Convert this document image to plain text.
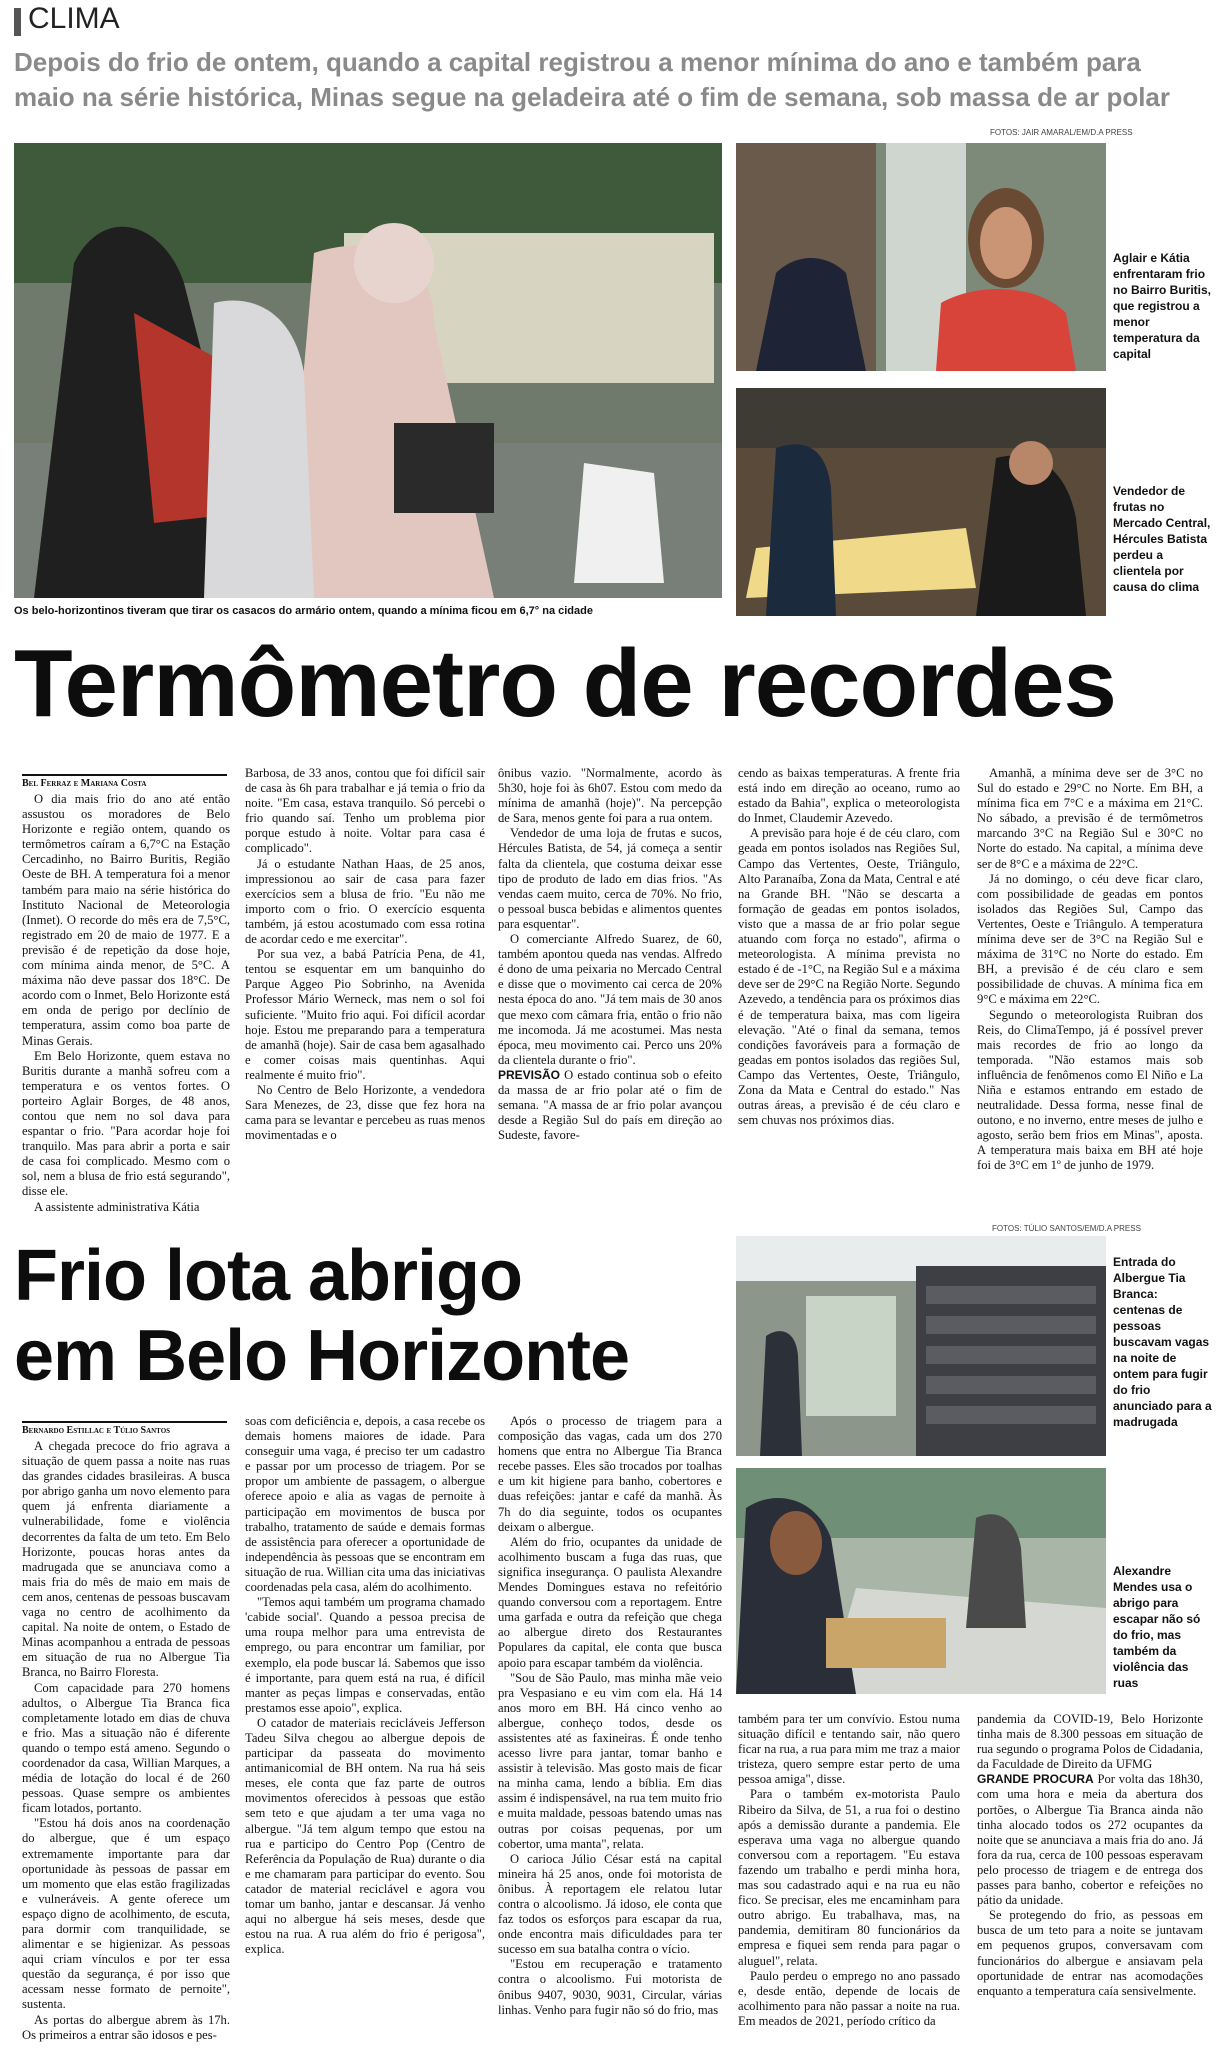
CLIMA
Depois do frio de ontem, quando a capital registrou a menor mínima do ano e também para maio na série histórica, Minas segue na geladeira até o fim de semana, sob massa de ar polar
FOTOS: JAIR AMARAL/EM/D.A PRESS
Os belo-horizontinos tiveram que tirar os casacos do armário ontem, quando a mínima ficou em 6,7° na cidade
Aglair e Kátia enfrentaram frio no Bairro Buritis, que registrou a menor temperatura da capital
Vendedor de frutas no Mercado Central, Hércules Batista perdeu a clientela por causa do clima
Termômetro de recordes
Bel Ferraz e Mariana Costa

O dia mais frio do ano até então assustou os moradores de Belo Horizonte e região ontem, quando os termômetros caíram a 6,7°C na Estação Cercadinho, no Bairro Buritis, Região Oeste de BH. A temperatura foi a menor também para maio na série histórica do Instituto Nacional de Meteorologia (Inmet). O recorde do mês era de 7,5°C, registrado em 20 de maio de 1977. E a previsão é de repetição da dose hoje, com mínima ainda menor, de 5°C. A máxima não deve passar dos 18°C. De acordo com o Inmet, Belo Horizonte está em onda de perigo por declínio de temperatura, assim como boa parte de Minas Gerais.

Em Belo Horizonte, quem estava no Buritis durante a manhã sofreu com a temperatura e os ventos fortes. O porteiro Aglair Borges, de 48 anos, contou que nem no sol dava para espantar o frio. "Para acordar hoje foi tranquilo. Mas para abrir a porta e sair de casa foi complicado. Mesmo com o sol, nem a blusa de frio está segurando", disse ele.

A assistente administrativa Kátia

Barbosa, de 33 anos, contou que foi difícil sair de casa às 6h para trabalhar e já temia o frio da noite. "Em casa, estava tranquilo. Só percebi o frio quando saí. Tenho um problema pior porque estudo à noite. Voltar para casa é complicado".

Já o estudante Nathan Haas, de 25 anos, impressionou ao sair de casa para fazer exercícios sem a blusa de frio. "Eu não me importo com o frio. O exercício esquenta também, já estou acostumado com essa rotina de acordar cedo e me exercitar".

Por sua vez, a babá Patrícia Pena, de 41, tentou se esquentar em um banquinho do Parque Aggeo Pio Sobrinho, na Avenida Professor Mário Werneck, mas nem o sol foi suficiente. "Muito frio aqui. Foi difícil acordar hoje. Estou me preparando para a temperatura de amanhã (hoje). Sair de casa bem agasalhado e comer coisas mais quentinhas. Aqui realmente é muito frio".

No Centro de Belo Horizonte, a vendedora Sara Menezes, de 23, disse que fez hora na cama para se levantar e percebeu as ruas menos movimentadas e o

ônibus vazio. "Normalmente, acordo às 5h30, hoje foi às 6h07. Estou com medo da mínima de amanhã (hoje)". Na percepção de Sara, menos gente foi para a rua ontem.

Vendedor de uma loja de frutas e sucos, Hércules Batista, de 54, já começa a sentir falta da clientela, que costuma deixar esse tipo de produto de lado em dias frios. "As vendas caem muito, cerca de 70%. No frio, o pessoal busca bebidas e alimentos quentes para esquentar".

O comerciante Alfredo Suarez, de 60, também apontou queda nas vendas. Alfredo é dono de uma peixaria no Mercado Central e disse que o movimento cai cerca de 20% nesta época do ano. "Já tem mais de 30 anos que mexo com câmara fria, então o frio não me incomoda. Já me acostumei. Mas nesta época, meu movimento cai. Perco uns 20% da clientela durante o frio".

PREVISÃO O estado continua sob o efeito da massa de ar frio polar até o fim de semana. "A massa de ar frio polar avançou desde a Região Sul do país em direção ao Sudeste, favore-

cendo as baixas temperaturas. A frente fria está indo em direção ao oceano, rumo ao estado da Bahia", explica o meteorologista do Inmet, Claudemir Azevedo.

A previsão para hoje é de céu claro, com geada em pontos isolados nas Regiões Sul, Campo das Vertentes, Oeste, Triângulo, Alto Paranaíba, Zona da Mata, Central e até na Grande BH. "Não se descarta a formação de geadas em pontos isolados, visto que a massa de ar frio polar segue atuando com força no estado", afirma o meteorologista. A mínima prevista no estado é de -1°C, na Região Sul e a máxima deve ser de 29°C na Região Norte. Segundo Azevedo, a tendência para os próximos dias é de temperatura baixa, mas com ligeira elevação. "Até o final da semana, temos condições favoráveis para a formação de geadas em pontos isolados das regiões Sul, Campo das Vertentes, Oeste, Triângulo, Zona da Mata e Central do estado." Nas outras áreas, a previsão é de céu claro e sem chuvas nos próximos dias.

Amanhã, a mínima deve ser de 3°C no Sul do estado e 29°C no Norte. Em BH, a mínima fica em 7°C e a máxima em 21°C. No sábado, a previsão é de termômetros marcando 3°C na Região Sul e 30°C no Norte do estado. Na capital, a mínima deve ser de 8°C e a máxima de 22°C.

Já no domingo, o céu deve ficar claro, com possibilidade de geadas em pontos isolados das Regiões Sul, Campo das Vertentes, Oeste e Triângulo. A temperatura mínima deve ser de 3°C na Região Sul e máxima de 31°C no Norte do estado. Em BH, a previsão é de céu claro e sem possibilidade de chuvas. A mínima fica em 9°C e máxima em 22°C.

Segundo o meteorologista Ruibran dos Reis, do ClimaTempo, já é possível prever mais recordes de frio ao longo da temporada. "Não estamos mais sob influência de fenômenos como El Niño e La Niña e estamos entrando em estado de neutralidade. Dessa forma, nesse final de outono, e no inverno, entre meses de julho e agosto, serão bem frios em Minas", aposta. A temperatura mais baixa em BH até hoje foi de 3°C em 1º de junho de 1979.

Frio lota abrigo
em Belo Horizonte
FOTOS: TÚLIO SANTOS/EM/D.A PRESS
Entrada do Albergue Tia Branca: centenas de pessoas buscavam vagas na noite de ontem para fugir do frio anunciado para a madrugada
Alexandre Mendes usa o abrigo para escapar não só do frio, mas também da violência das ruas
Bernardo Estillac e Túlio Santos

A chegada precoce do frio agrava a situação de quem passa a noite nas ruas das grandes cidades brasileiras. A busca por abrigo ganha um novo elemento para quem já enfrenta diariamente a vulnerabilidade, fome e violência decorrentes da falta de um teto. Em Belo Horizonte, poucas horas antes da madrugada que se anunciava como a mais fria do mês de maio em mais de cem anos, centenas de pessoas buscavam vaga no centro de acolhimento da capital. Na noite de ontem, o Estado de Minas acompanhou a entrada de pessoas em situação de rua no Albergue Tia Branca, no Bairro Floresta.

Com capacidade para 270 homens adultos, o Albergue Tia Branca fica completamente lotado em dias de chuva e frio. Mas a situação não é diferente quando o tempo está ameno. Segundo o coordenador da casa, Willian Marques, a média de lotação do local é de 260 pessoas. Quase sempre os ambientes ficam lotados, portanto.

"Estou há dois anos na coordenação do albergue, que é um espaço extremamente importante para dar oportunidade às pessoas de passar em um momento que elas estão fragilizadas e vulneráveis. A gente oferece um espaço digno de acolhimento, de escuta, para dormir com tranquilidade, se alimentar e se higienizar. As pessoas aqui criam vínculos e por ter essa questão da segurança, é por isso que acessam nesse formato de pernoite", sustenta.

As portas do albergue abrem às 17h. Os primeiros a entrar são idosos e pes-

soas com deficiência e, depois, a casa recebe os demais homens maiores de idade. Para conseguir uma vaga, é preciso ter um cadastro e passar por um processo de triagem. Por se propor um ambiente de passagem, o albergue oferece apoio e alia as vagas de pernoite à participação em movimentos de busca por trabalho, tratamento de saúde e demais formas de assistência para oferecer a oportunidade de independência às pessoas que se encontram em situação de rua. Willian cita uma das iniciativas coordenadas pela casa, além do acolhimento.

"Temos aqui também um programa chamado 'cabide social'. Quando a pessoa precisa de uma roupa melhor para uma entrevista de emprego, ou para encontrar um familiar, por exemplo, ela pode buscar lá. Sabemos que isso é importante, para quem está na rua, é difícil manter as peças limpas e conservadas, então prestamos esse apoio", explica.

O catador de materiais recicláveis Jefferson Tadeu Silva chegou ao albergue depois de participar da passeata do movimento antimanicomial de BH ontem. Na rua há seis meses, ele conta que faz parte de outros movimentos oferecidos à pessoas que estão sem teto e que ajudam a ter uma vaga no albergue. "Já tem algum tempo que estou na rua e participo do Centro Pop (Centro de Referência da População de Rua) durante o dia e me chamaram para participar do evento. Sou catador de material reciclável e agora vou tomar um banho, jantar e descansar. Já venho aqui no albergue há seis meses, desde que estou na rua. A rua além do frio é perigosa", explica.

Após o processo de triagem para a composição das vagas, cada um dos 270 homens que entra no Albergue Tia Branca recebe passes. Eles são trocados por toalhas e um kit higiene para banho, cobertores e duas refeições: jantar e café da manhã. Às 7h do dia seguinte, todos os ocupantes deixam o albergue.

Além do frio, ocupantes da unidade de acolhimento buscam a fuga das ruas, que significa insegurança. O paulista Alexandre Mendes Domingues estava no refeitório quando conversou com a reportagem. Entre uma garfada e outra da refeição que chega ao albergue direto dos Restaurantes Populares da capital, ele conta que busca apoio para escapar também da violência.

"Sou de São Paulo, mas minha mãe veio pra Vespasiano e eu vim com ela. Há 14 anos moro em BH. Há cinco venho ao albergue, conheço todos, desde os assistentes até as faxineiras. É onde tenho acesso livre para jantar, tomar banho e assistir à televisão. Mas gosto mais de ficar na minha cama, lendo a bíblia. Em dias assim é indispensável, na rua tem muito frio e muita maldade, pessoas batendo umas nas outras por coisas pequenas, por um cobertor, uma manta", relata.

O carioca Júlio César está na capital mineira há 25 anos, onde foi motorista de ônibus. À reportagem ele relatou lutar contra o alcoolismo. Já idoso, ele conta que faz todos os esforços para escapar da rua, onde encontra mais dificuldades para ter sucesso em sua batalha contra o vício.

"Estou em recuperação e tratamento contra o alcoolismo. Fui motorista de ônibus 9407, 9030, 9031, Circular, várias linhas. Venho para fugir não só do frio, mas

também para ter um convívio. Estou numa situação difícil e tentando sair, não quero ficar na rua, a rua para mim me traz a maior tristeza, quero sempre estar perto de uma pessoa amiga", disse.

Para o também ex-motorista Paulo Ribeiro da Silva, de 51, a rua foi o destino após a demissão durante a pandemia. Ele esperava uma vaga no albergue quando conversou com a reportagem. "Eu estava fazendo um trabalho e perdi minha hora, mas sou cadastrado aqui e na rua eu não fico. Se precisar, eles me encaminham para outro abrigo. Eu trabalhava, mas, na pandemia, demitiram 80 funcionários da empresa e fiquei sem renda para pagar o aluguel", relata.

Paulo perdeu o emprego no ano passado e, desde então, depende de locais de acolhimento para não passar a noite na rua. Em meados de 2021, período crítico da

pandemia da COVID-19, Belo Horizonte tinha mais de 8.300 pessoas em situação de rua segundo o programa Polos de Cidadania, da Faculdade de Direito da UFMG

GRANDE PROCURA Por volta das 18h30, com uma hora e meia da abertura dos portões, o Albergue Tia Branca ainda não tinha alocado todos os 272 ocupantes da noite que se anunciava a mais fria do ano. Já fora da rua, cerca de 100 pessoas esperavam pelo processo de triagem e de entrega dos passes para banho, cobertor e refeições no pátio da unidade.

Se protegendo do frio, as pessoas em busca de um teto para a noite se juntavam em pequenos grupos, conversavam com funcionários do albergue e ansiavam pela oportunidade de entrar nas acomodações enquanto a temperatura caía sensivelmente.
